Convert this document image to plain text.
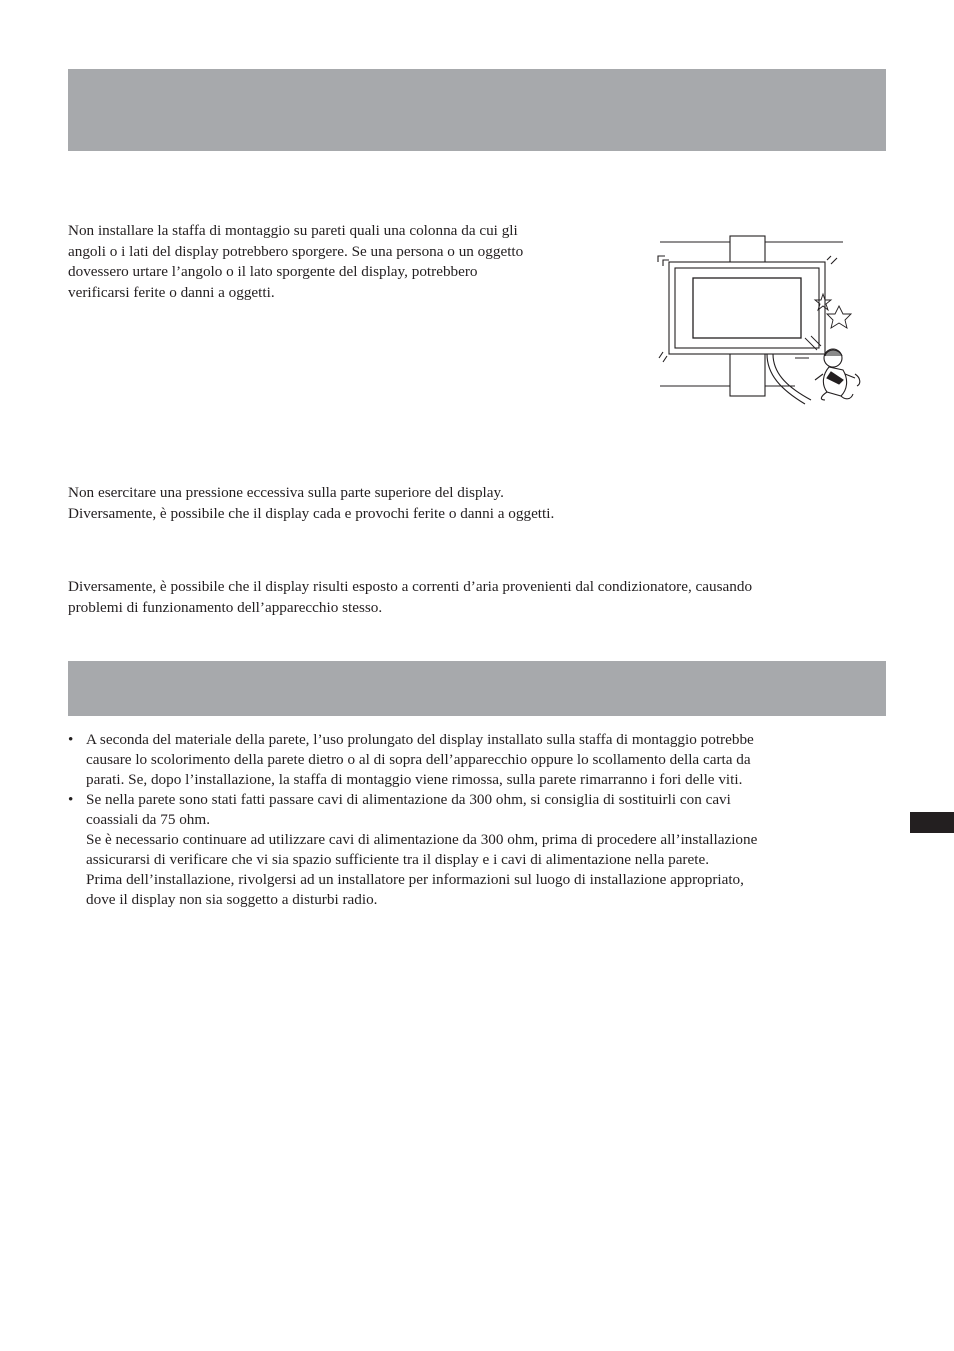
Non installare la staffa di montaggio su pareti quali una colonna da cui gli
angoli o i lati del display potrebbero sporgere. Se una persona o un oggetto
dovessero urtare l’angolo o il lato sporgente del display, potrebbero
verificarsi ferite o danni a oggetti.
Non esercitare una pressione eccessiva sulla parte superiore del display.
Diversamente, è possibile che il display cada e provochi ferite o danni a oggetti.
Diversamente, è possibile che il display risulti esposto a correnti d’aria provenienti dal condizionatore, causando
problemi di funzionamento dell’apparecchio stesso.
• A seconda del materiale della parete, l’uso prolungato del display installato sulla staffa di montaggio potrebbe
causare lo scolorimento della parete dietro o al di sopra dell’apparecchio oppure lo scollamento della carta da
parati. Se, dopo l’installazione, la staffa di montaggio viene rimossa, sulla parete rimarranno i fori delle viti.
• Se nella parete sono stati fatti passare cavi di alimentazione da 300 ohm, si consiglia di sostituirli con cavi
coassiali da 75 ohm.
Se è necessario continuare ad utilizzare cavi di alimentazione da 300 ohm, prima di procedere all’installazione
assicurarsi di verificare che vi sia spazio sufficiente tra il display e i cavi di alimentazione nella parete.
Prima dell’installazione, rivolgersi ad un installatore per informazioni sul luogo di installazione appropriato,
dove il display non sia soggetto a disturbi radio.
